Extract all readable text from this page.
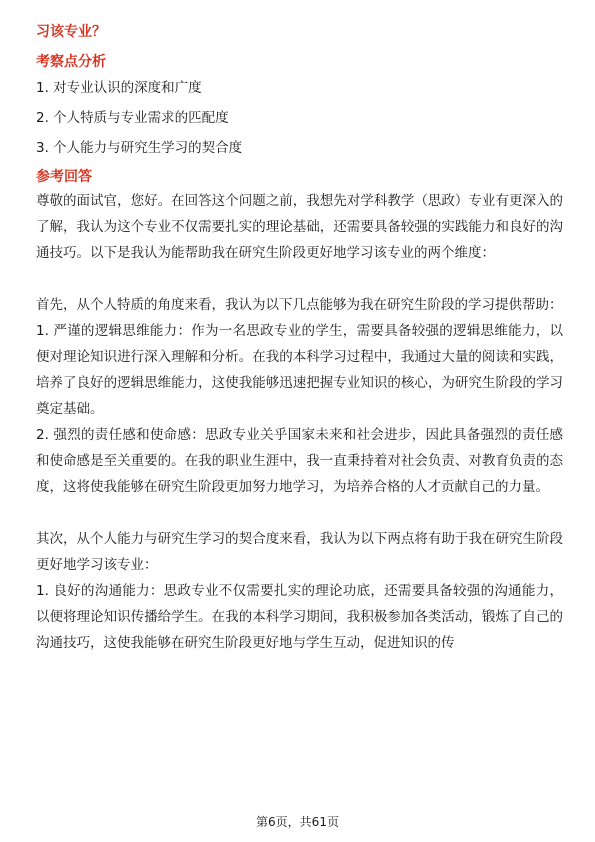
习该专业？

考察点分析

1. 对专业认识的深度和广度

2. 个人特质与专业需求的匹配度

3. 个人能力与研究生学习的契合度

参考回答

尊敬的面试官，您好。在回答这个问题之前，我想先对学科教学（思政）专业有更深入的了解，我认为这个专业不仅需要扎实的理论基础，还需要具备较强的实践能力和良好的沟通技巧。以下是我认为能帮助我在研究生阶段更好地学习该专业的两个维度：

首先，从个人特质的角度来看，我认为以下几点能够为我在研究生阶段的学习提供帮助：

1. 严谨的逻辑思维能力：作为一名思政专业的学生，需要具备较强的逻辑思维能力，以便对理论知识进行深入理解和分析。在我的本科学习过程中，我通过大量的阅读和实践，培养了良好的逻辑思维能力，这使我能够迅速把握专业知识的核心，为研究生阶段的学习奠定基础。

2. 强烈的责任感和使命感：思政专业关乎国家未来和社会进步，因此具备强烈的责任感和使命感是至关重要的。在我的职业生涯中，我一直秉持着对社会负责、对教育负责的态度，这将使我能够在研究生阶段更加努力地学习，为培养合格的人才贡献自己的力量。

其次，从个人能力与研究生学习的契合度来看，我认为以下两点将有助于我在研究生阶段更好地学习该专业：

1. 良好的沟通能力：思政专业不仅需要扎实的理论功底，还需要具备较强的沟通能力，以便将理论知识传播给学生。在我的本科学习期间，我积极参加各类活动，锻炼了自己的沟通技巧，这使我能够在研究生阶段更好地与学生互动，促进知识的传

第6页，共61页
